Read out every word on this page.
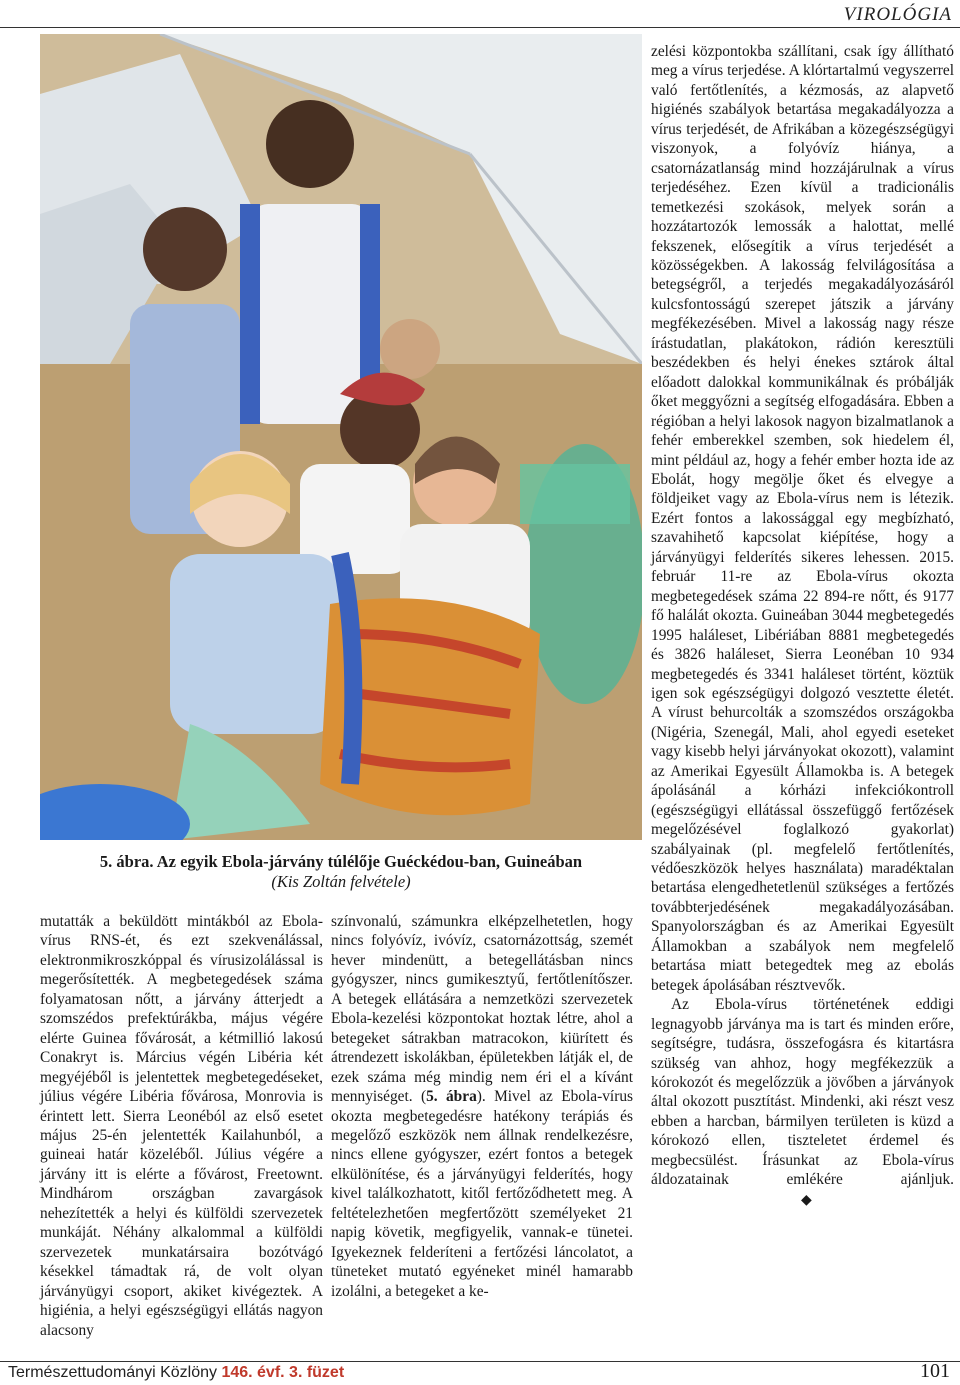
VIROLÓGIA
5. ábra. Az egyik Ebola-járvány túlélője Guéckédou-ban, Guineában
(Kis Zoltán felvétele)

mutatták a beküldött mintákból az Ebola-vírus RNS-ét, és ezt szekvenálással, elektronmikroszkóppal és vírusizolálással is megerősítették. A megbetegedések száma folyamatosan nőtt, a járvány átterjedt a szomszédos prefektúrákba, május végére elérte Guinea fővárosát, a kétmillió lakosú Conakryt is. Március végén Libéria két megyéjéből is jelentettek megbetegedéseket, július végére Libéria fővárosa, Monrovia is érintett lett. Sierra Leonéból az első esetet május 25-én jelentették Kailahunból, a guineai határ közeléből. Július végére a járvány itt is elérte a fővárost, Freetownt. Mindhárom országban zavargások nehezítették a helyi és külföldi szervezetek munkáját. Néhány alkalommal a külföldi szervezetek munkatársaira bozótvágó késekkel támadtak rá, de volt olyan járványügyi csoport, akiket kivégeztek. A higiénia, a helyi egészségügyi ellátás nagyon alacsony

színvonalú, számunkra elképzelhetetlen, hogy nincs folyóvíz, ivóvíz, csatornázottság, szemét hever mindenütt, a betegellátásban nincs gyógyszer, nincs gumikesztyű, fertőtlenítőszer. A betegek ellátására a nemzetközi szervezetek Ebola-kezelési központokat hoztak létre, ahol a betegeket sátrakban matracokon, kiürített és átrendezett iskolákban, épületekben látják el, de ezek száma még mindig nem éri el a kívánt mennyiséget. (5. ábra). Mivel az Ebola-vírus okozta megbetegedésre hatékony terápiás és megelőző eszközök nem állnak rendelkezésre, nincs ellene gyógyszer, ezért fontos a betegek elkülönítése, és a járványügyi felderítés, hogy kivel találkozhatott, kitől fertőződhetett meg. A feltételezhetően megfertőzött személyeket 21 napig követik, megfigyelik, vannak-e tünetei. Igyekeznek felderíteni a fertőzési láncolatot, a tüneteket mutató egyéneket minél hamarabb izolálni, a betegeket a ke-

zelési központokba szállítani, csak így állítható meg a vírus terjedése. A klórtartalmú vegyszerrel való fertőtlenítés, a kézmosás, az alapvető higiénés szabályok betartása megakadályozza a vírus terjedését, de Afrikában a közegészségügyi viszonyok, a folyóvíz hiánya, a csatornázatlanság mind hozzájárulnak a vírus terjedéséhez. Ezen kívül a tradicionális temetkezési szokások, melyek során a hozzátartozók lemossák a halottat, mellé fekszenek, elősegítik a vírus terjedését a közösségekben. A lakosság felvilágosítása a betegségről, a terjedés megakadályozásáról kulcsfontosságú szerepet játszik a járvány megfékezésében. Mivel a lakosság nagy része írástudatlan, plakátokon, rádión keresztüli beszédekben és helyi énekes sztárok által előadott dalokkal kommunikálnak és próbálják őket meggyőzni a segítség elfogadására. Ebben a régióban a helyi lakosok nagyon bizalmatlanok a fehér emberekkel szemben, sok hiedelem él, mint például az, hogy a fehér ember hozta ide az Ebolát, hogy megölje őket és elvegye a földjeiket vagy az Ebola-vírus nem is létezik. Ezért fontos a lakossággal egy megbízható, szavahihető kapcsolat kiépítése, hogy a járványügyi felderítés sikeres lehessen. 2015. február 11-re az Ebola-vírus okozta megbetegedések száma 22 894-re nőtt, és 9177 fő halálát okozta. Guineában 3044 megbetegedés 1995 haláleset, Libériában 8881 megbetegedés és 3826 haláleset, Sierra Leonéban 10 934 megbetegedés és 3341 haláleset történt, köztük igen sok egészségügyi dolgozó vesztette életét. A vírust behurcolták a szomszédos országokba (Nigéria, Szenegál, Mali, ahol egyedi eseteket vagy kisebb helyi járványokat okozott), valamint az Amerikai Egyesült Államokba is. A betegek ápolásánál a kórházi infekciókontroll (egészségügyi ellátással összefüggő fertőzések megelőzésével foglalkozó gyakorlat) szabályainak (pl. megfelelő fertőtlenítés, védőeszközök helyes használata) maradéktalan betartása elengedhetetlenül szükséges a fertőzés továbbterjedésének megakadályozásában. Spanyolországban és az Amerikai Egyesült Államokban a szabályok nem megfelelő betartása miatt betegedtek meg az ebolás betegek ápolásában résztvevők.

Az Ebola-vírus történetének eddigi legnagyobb járványa ma is tart és minden erőre, segítségre, tudásra, összefogásra és kitartásra szükség van ahhoz, hogy megfékezzük a kórokozót és megelőzzük a jövőben a járványok által okozott pusztítást. Mindenki, aki részt vesz ebben a harcban, bármilyen területen is küzd a kórokozó ellen, tiszteletet érdemel és megbecsülést. Írásunkat az Ebola-vírus áldozatainak emlékére ajánljuk.◆

Természettudományi Közlöny 146. évf. 3. füzet	101
